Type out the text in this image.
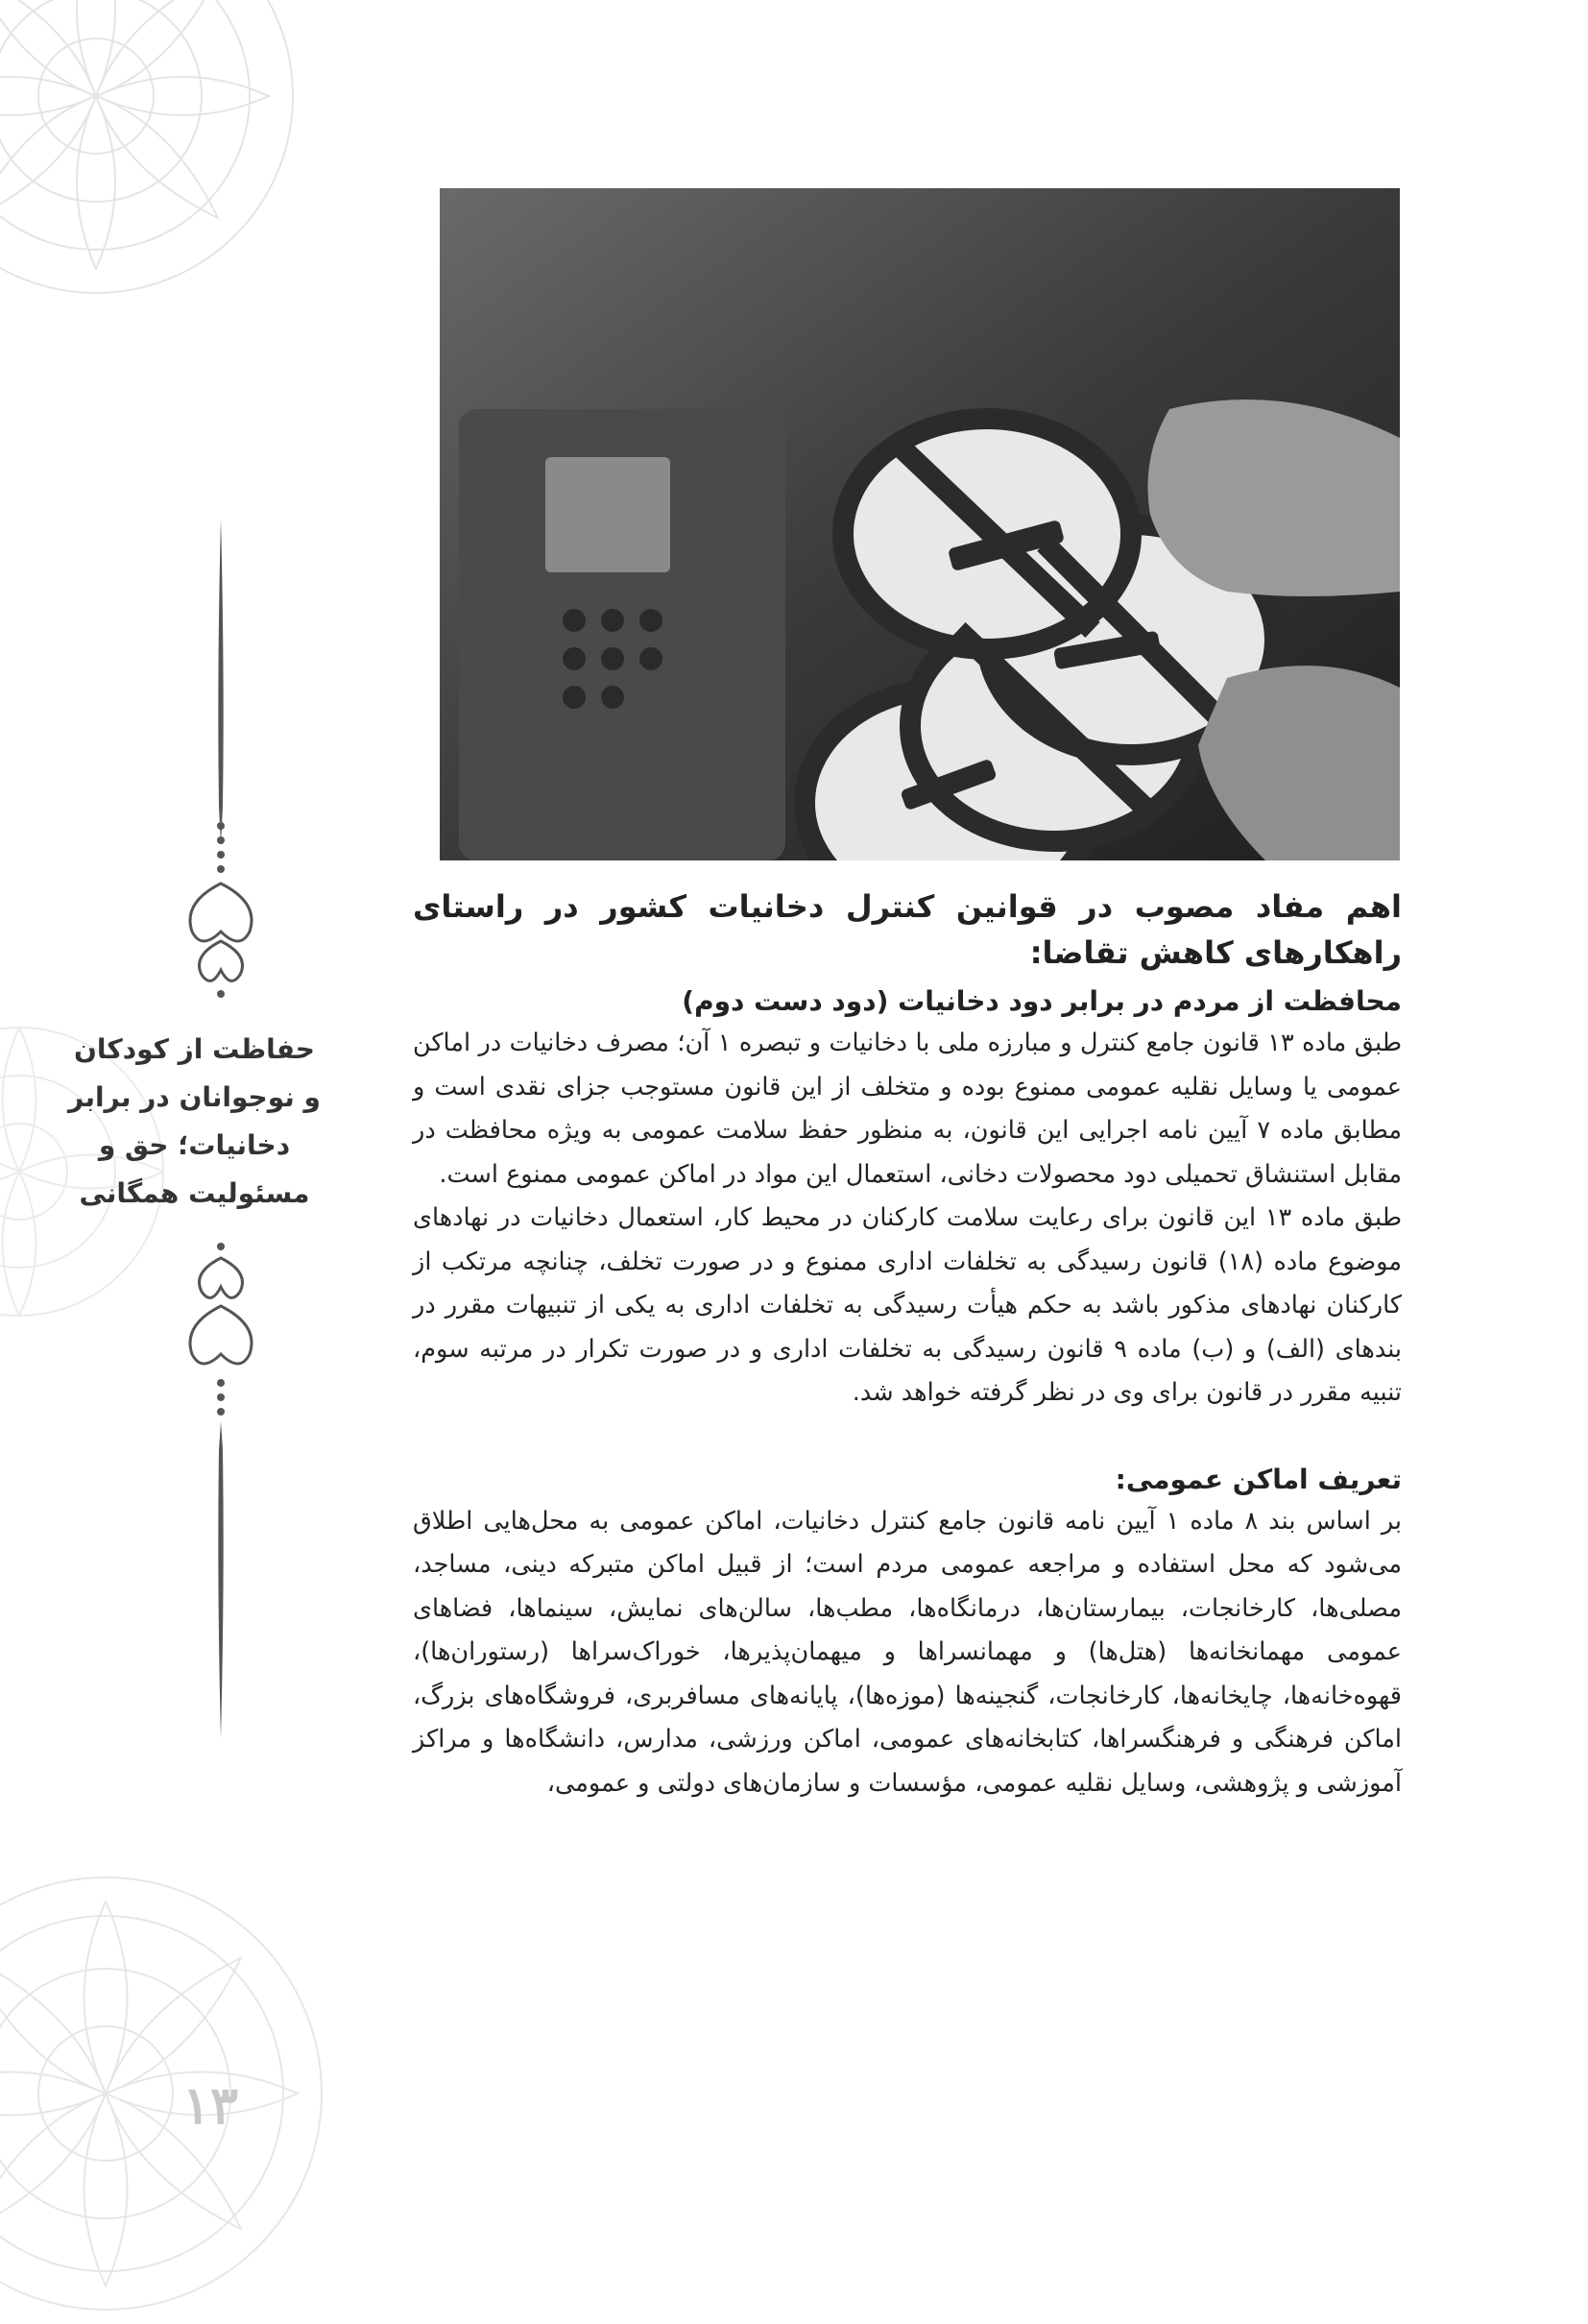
حفاظت از کودکان
و نوجوانان در برابر
دخانیات؛ حق و
مسئولیت همگانی
۱۳
اهم مفاد مصوب در قوانین کنترل دخانیات کشور در راستای راهکارهای کاهش تقاضا:
محافظت از مردم در برابر دود دخانیات (دود دست دوم)

طبق ماده ۱۳ قانون جامع کنترل و مبارزه ملی با دخانیات و تبصره ۱ آن؛ مصرف دخانیات در اماکن عمومی یا وسایل نقلیه عمومی ممنوع بوده و متخلف از این قانون مستوجب جزای نقدی است و مطابق ماده ۷ آیین نامه اجرایی این قانون، به منظور حفظ سلامت عمومی به ویژه محافظت در مقابل استنشاق تحمیلی دود محصولات دخانی، استعمال این مواد در اماکن عمومی ممنوع است.

طبق ماده ۱۳ این قانون برای رعایت سلامت کارکنان در محیط کار، استعمال دخانیات در نهادهای موضوع ماده (۱۸) قانون رسیدگی به تخلفات اداری ممنوع و در صورت تخلف، چنانچه مرتکب از کارکنان نهادهای مذکور باشد به حکم هیأت رسیدگی به تخلفات اداری به یکی از تنبیهات مقرر در بندهای (الف) و (ب) ماده ۹ قانون رسیدگی به تخلفات اداری و در صورت تکرار در مرتبه سوم، تنبیه مقرر در قانون برای وی در نظر گرفته خواهد شد.

تعریف اماکن عمومی:

بر اساس بند ۸ ماده ۱ آیین نامه قانون جامع کنترل دخانیات، اماکن عمومی به محل‌هایی اطلاق می‌شود که محل استفاده و مراجعه عمومی مردم است؛ از قبیل اماکن متبرکه دینی، مساجد، مصلی‌ها، کارخانجات، بیمارستان‌ها، درمانگاه‌ها، مطب‌ها، سالن‌های نمایش، سینماها، فضاهای عمومی مهمانخانه‌ها (هتل‌ها) و مهمانسراها و میهمان‌پذیرها، خوراک‌سراها (رستوران‌ها)، قهوه‌خانه‌ها، چایخانه‌ها، کارخانجات، گنجینه‌ها (موزه‌ها)، پایانه‌های مسافربری، فروشگاه‌های بزرگ، اماکن فرهنگی و فرهنگسراها، کتابخانه‌های عمومی، اماکن ورزشی، مدارس، دانشگاه‌ها و مراکز آموزشی و پژوهشی، وسایل نقلیه عمومی، مؤسسات و سازمان‌های دولتی و عمومی،
